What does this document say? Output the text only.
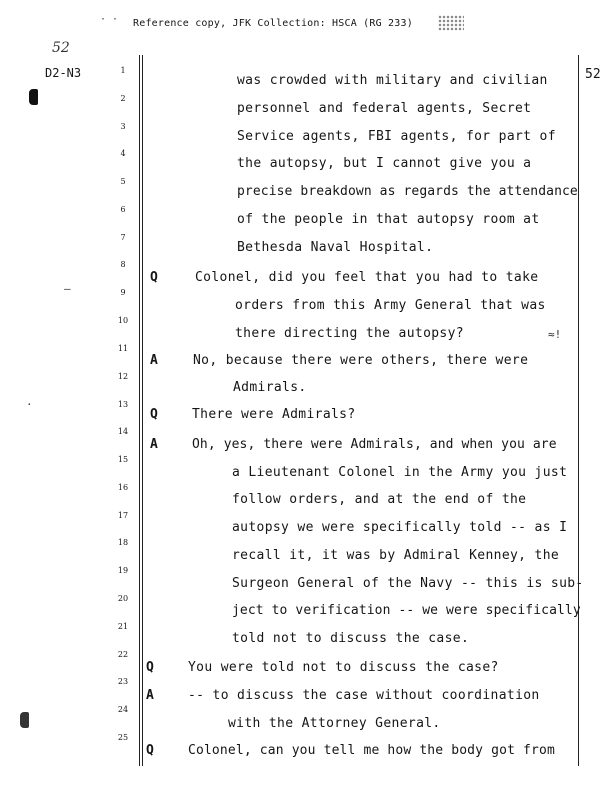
· · Reference copy, JFK Collection: HSCA (RG 233)
52
D2-N3	52
≈!
—
·
1
2
3
4
5
6
7
8
9
10
11
12
13
14
15
16
17
18
19
20
21
22
23
24
25
was crowded with military and civilian
personnel and federal agents, Secret
Service agents, FBI agents, for part of
the autopsy, but I cannot give you a
precise breakdown as regards the attendance
of the people in that autopsy room at
Bethesda Naval Hospital.
Q	Colonel, did you feel that you had to take
orders from this Army General that was
there directing the autopsy?
A	No, because there were others, there were
Admirals.
Q	There were Admirals?
A	Oh, yes, there were Admirals, and when you are
a Lieutenant Colonel in the Army you just
follow orders, and at the end of the
autopsy we were specifically told -- as I
recall it, it was by Admiral Kenney, the
Surgeon General of the Navy -- this is sub-
ject to verification -- we were specifically
told not to discuss the case.
Q	You were told not to discuss the case?
A	-- to discuss the case without coordination
with the Attorney General.
Q	Colonel, can you tell me how the body got from
